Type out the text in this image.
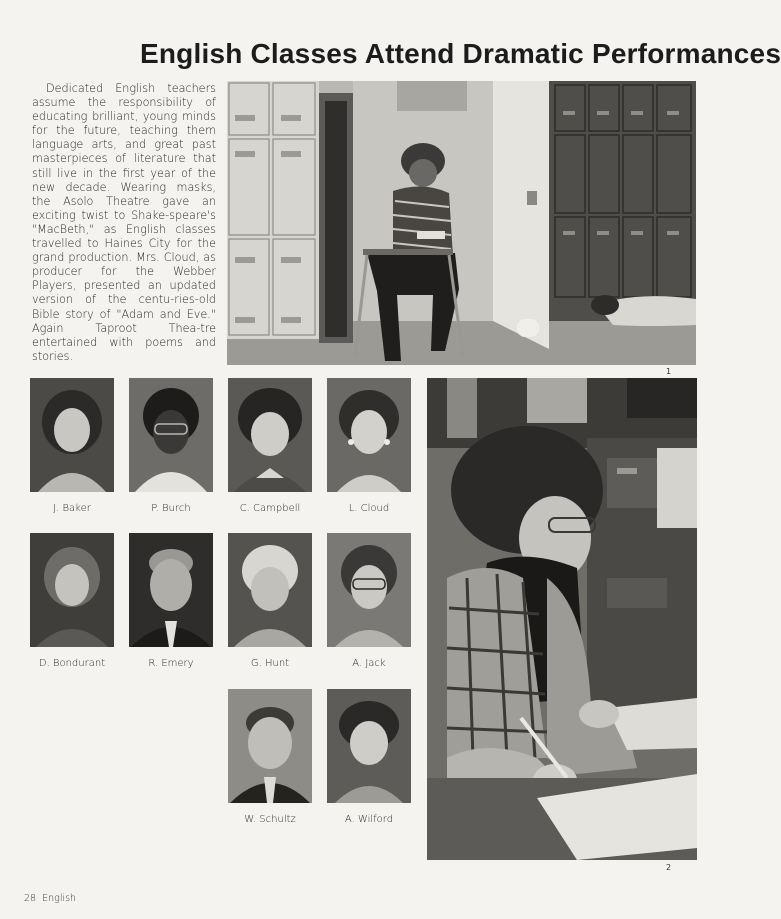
English Classes Attend Dramatic Performances

Dedicated English teachers assume the responsibility of educating brilliant, young minds for the future, teaching them language arts, and great past masterpieces of literature that still live in the first year of the new decade. Wearing masks, the Asolo Theatre gave an exciting twist to Shake-speare's "MacBeth," as English classes travelled to Haines City for the grand production. Mrs. Cloud, as producer for the Webber Players, presented an updated version of the centu-ries-old Bible story of "Adam and Eve." Again Taproot Thea-tre entertained with poems and stories.

1
2
J. Baker	P. Burch	C. Campbell	L. Cloud
D. Bondurant	R. Emery	G. Hunt	A. Jack
W. Schultz	A. Wilford
28 English
